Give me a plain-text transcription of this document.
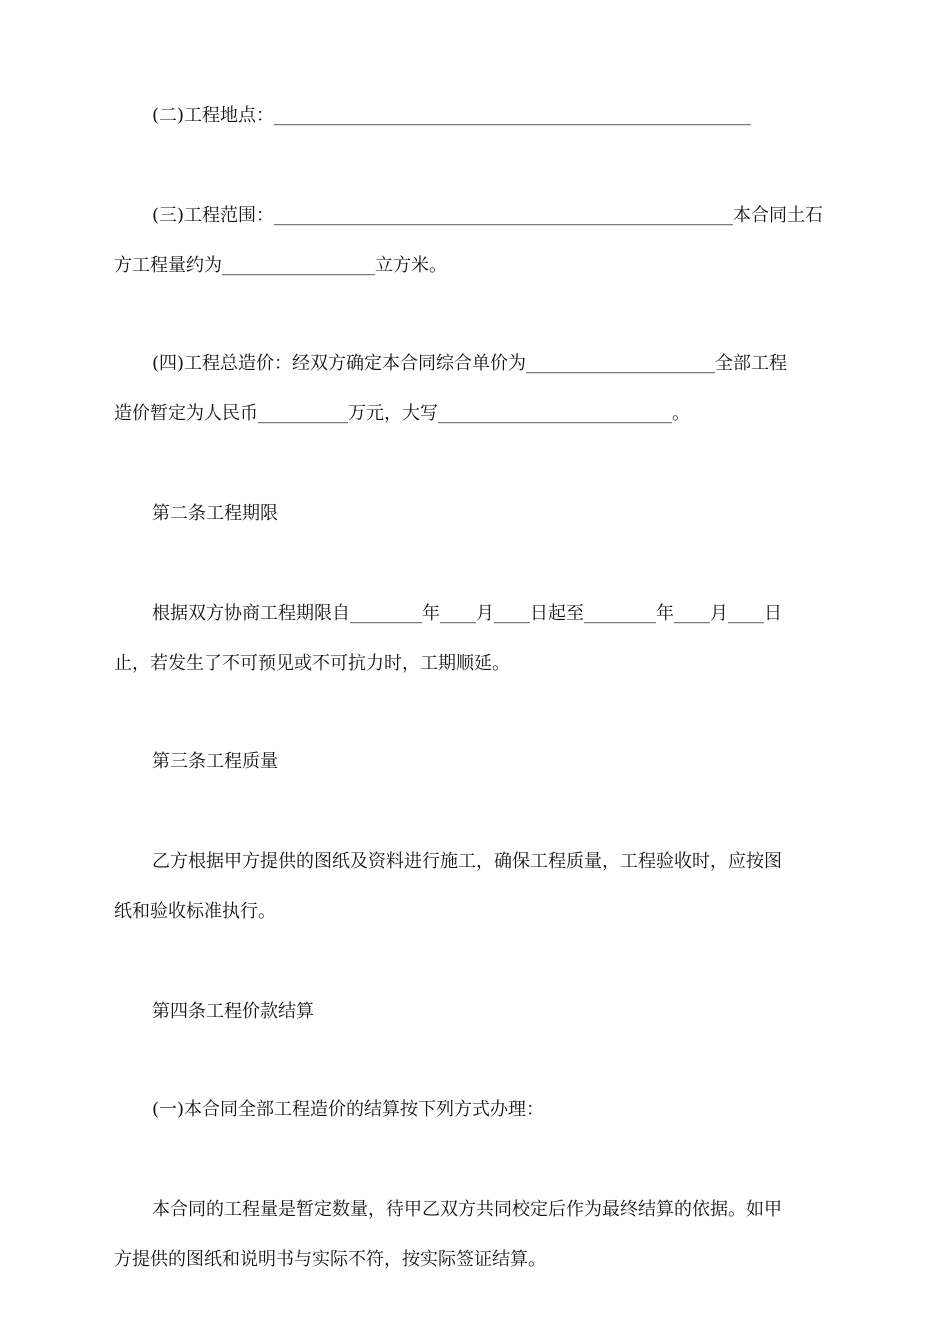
(二)工程地点：_____________________________________________________
(三)工程范围：___________________________________________________本合同土石
方工程量约为_________________立方米。
(四)工程总造价：经双方确定本合同综合单价为_____________________全部工程
造价暂定为人民币__________万元，大写__________________________。
第二条工程期限
根据双方协商工程期限自________年____月____日起至________年____月____日
止，若发生了不可预见或不可抗力时，工期顺延。
第三条工程质量
乙方根据甲方提供的图纸及资料进行施工，确保工程质量，工程验收时，应按图
纸和验收标准执行。
第四条工程价款结算
(一)本合同全部工程造价的结算按下列方式办理：
本合同的工程量是暂定数量，待甲乙双方共同校定后作为最终结算的依据。如甲
方提供的图纸和说明书与实际不符，按实际签证结算。
